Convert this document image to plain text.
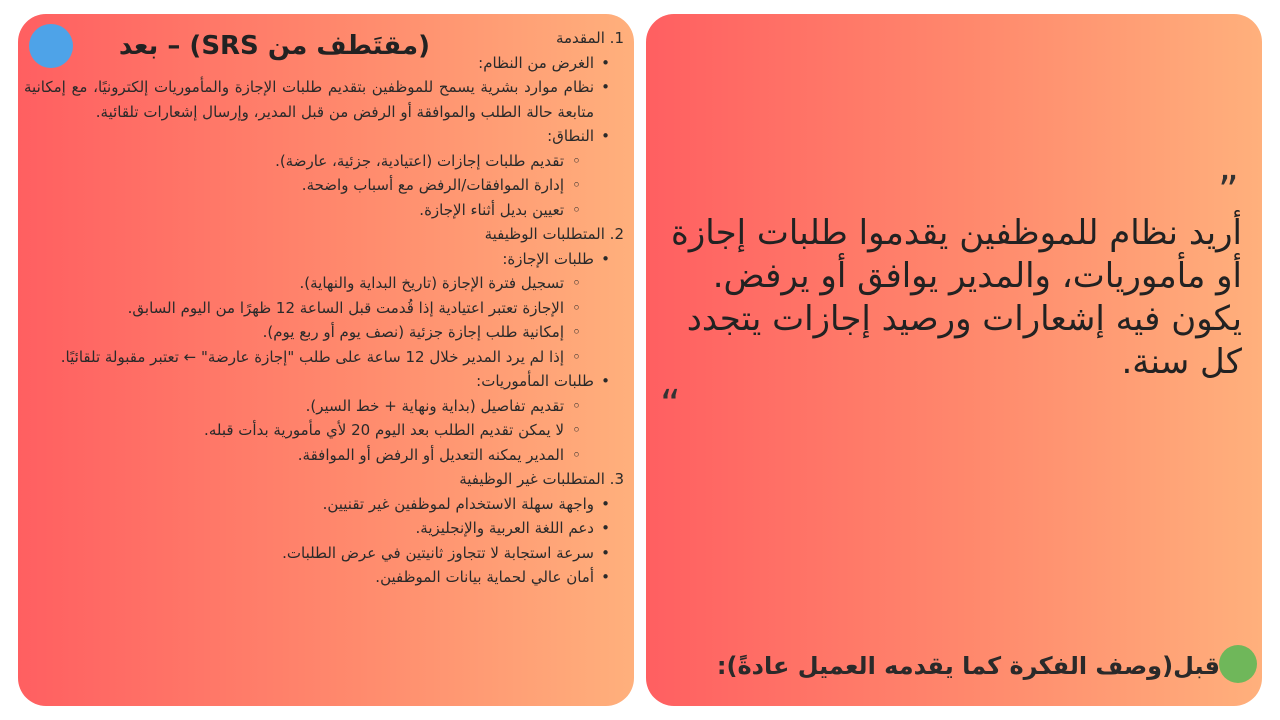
(مقتَطف من SRS) – بعد	1. المقدمة
• الغرض من النظام:
• نظام موارد بشرية يسمح للموظفين بتقديم طلبات الإجازة والمأموريات إلكترونيًا، مع إمكانية متابعة حالة الطلب والموافقة أو الرفض من قبل المدير، وإرسال إشعارات تلقائية.
• النطاق:
◦ تقديم طلبات إجازات (اعتيادية، جزئية، عارضة).
◦ إدارة الموافقات/الرفض مع أسباب واضحة.
◦ تعيين بديل أثناء الإجازة.
2. المتطلبات الوظيفية
• طلبات الإجازة:
◦ تسجيل فترة الإجازة (تاريخ البداية والنهاية).
◦ الإجازة تعتبر اعتيادية إذا قُدمت قبل الساعة 12 ظهرًا من اليوم السابق.
◦ إمكانية طلب إجازة جزئية (نصف يوم أو ربع يوم).
◦ إذا لم يرد المدير خلال 12 ساعة على طلب "إجازة عارضة" ← تعتبر مقبولة تلقائيًا.
• طلبات المأموريات:
◦ تقديم تفاصيل (بداية ونهاية + خط السير).
◦ لا يمكن تقديم الطلب بعد اليوم 20 لأي مأمورية بدأت قبله.
◦ المدير يمكنه التعديل أو الرفض أو الموافقة.
3. المتطلبات غير الوظيفية
• واجهة سهلة الاستخدام لموظفين غير تقنيين.
• دعم اللغة العربية والإنجليزية.
• سرعة استجابة لا تتجاوز ثانيتين في عرض الطلبات.
• أمان عالي لحماية بيانات الموظفين.
”
أريد نظام للموظفين يقدموا طلبات إجازة أو مأموريات، والمدير يوافق أو يرفض. يكون فيه إشعارات ورصيد إجازات يتجدد كل سنة.
“
قبل(وصف الفكرة كما يقدمه العميل عادةً):
